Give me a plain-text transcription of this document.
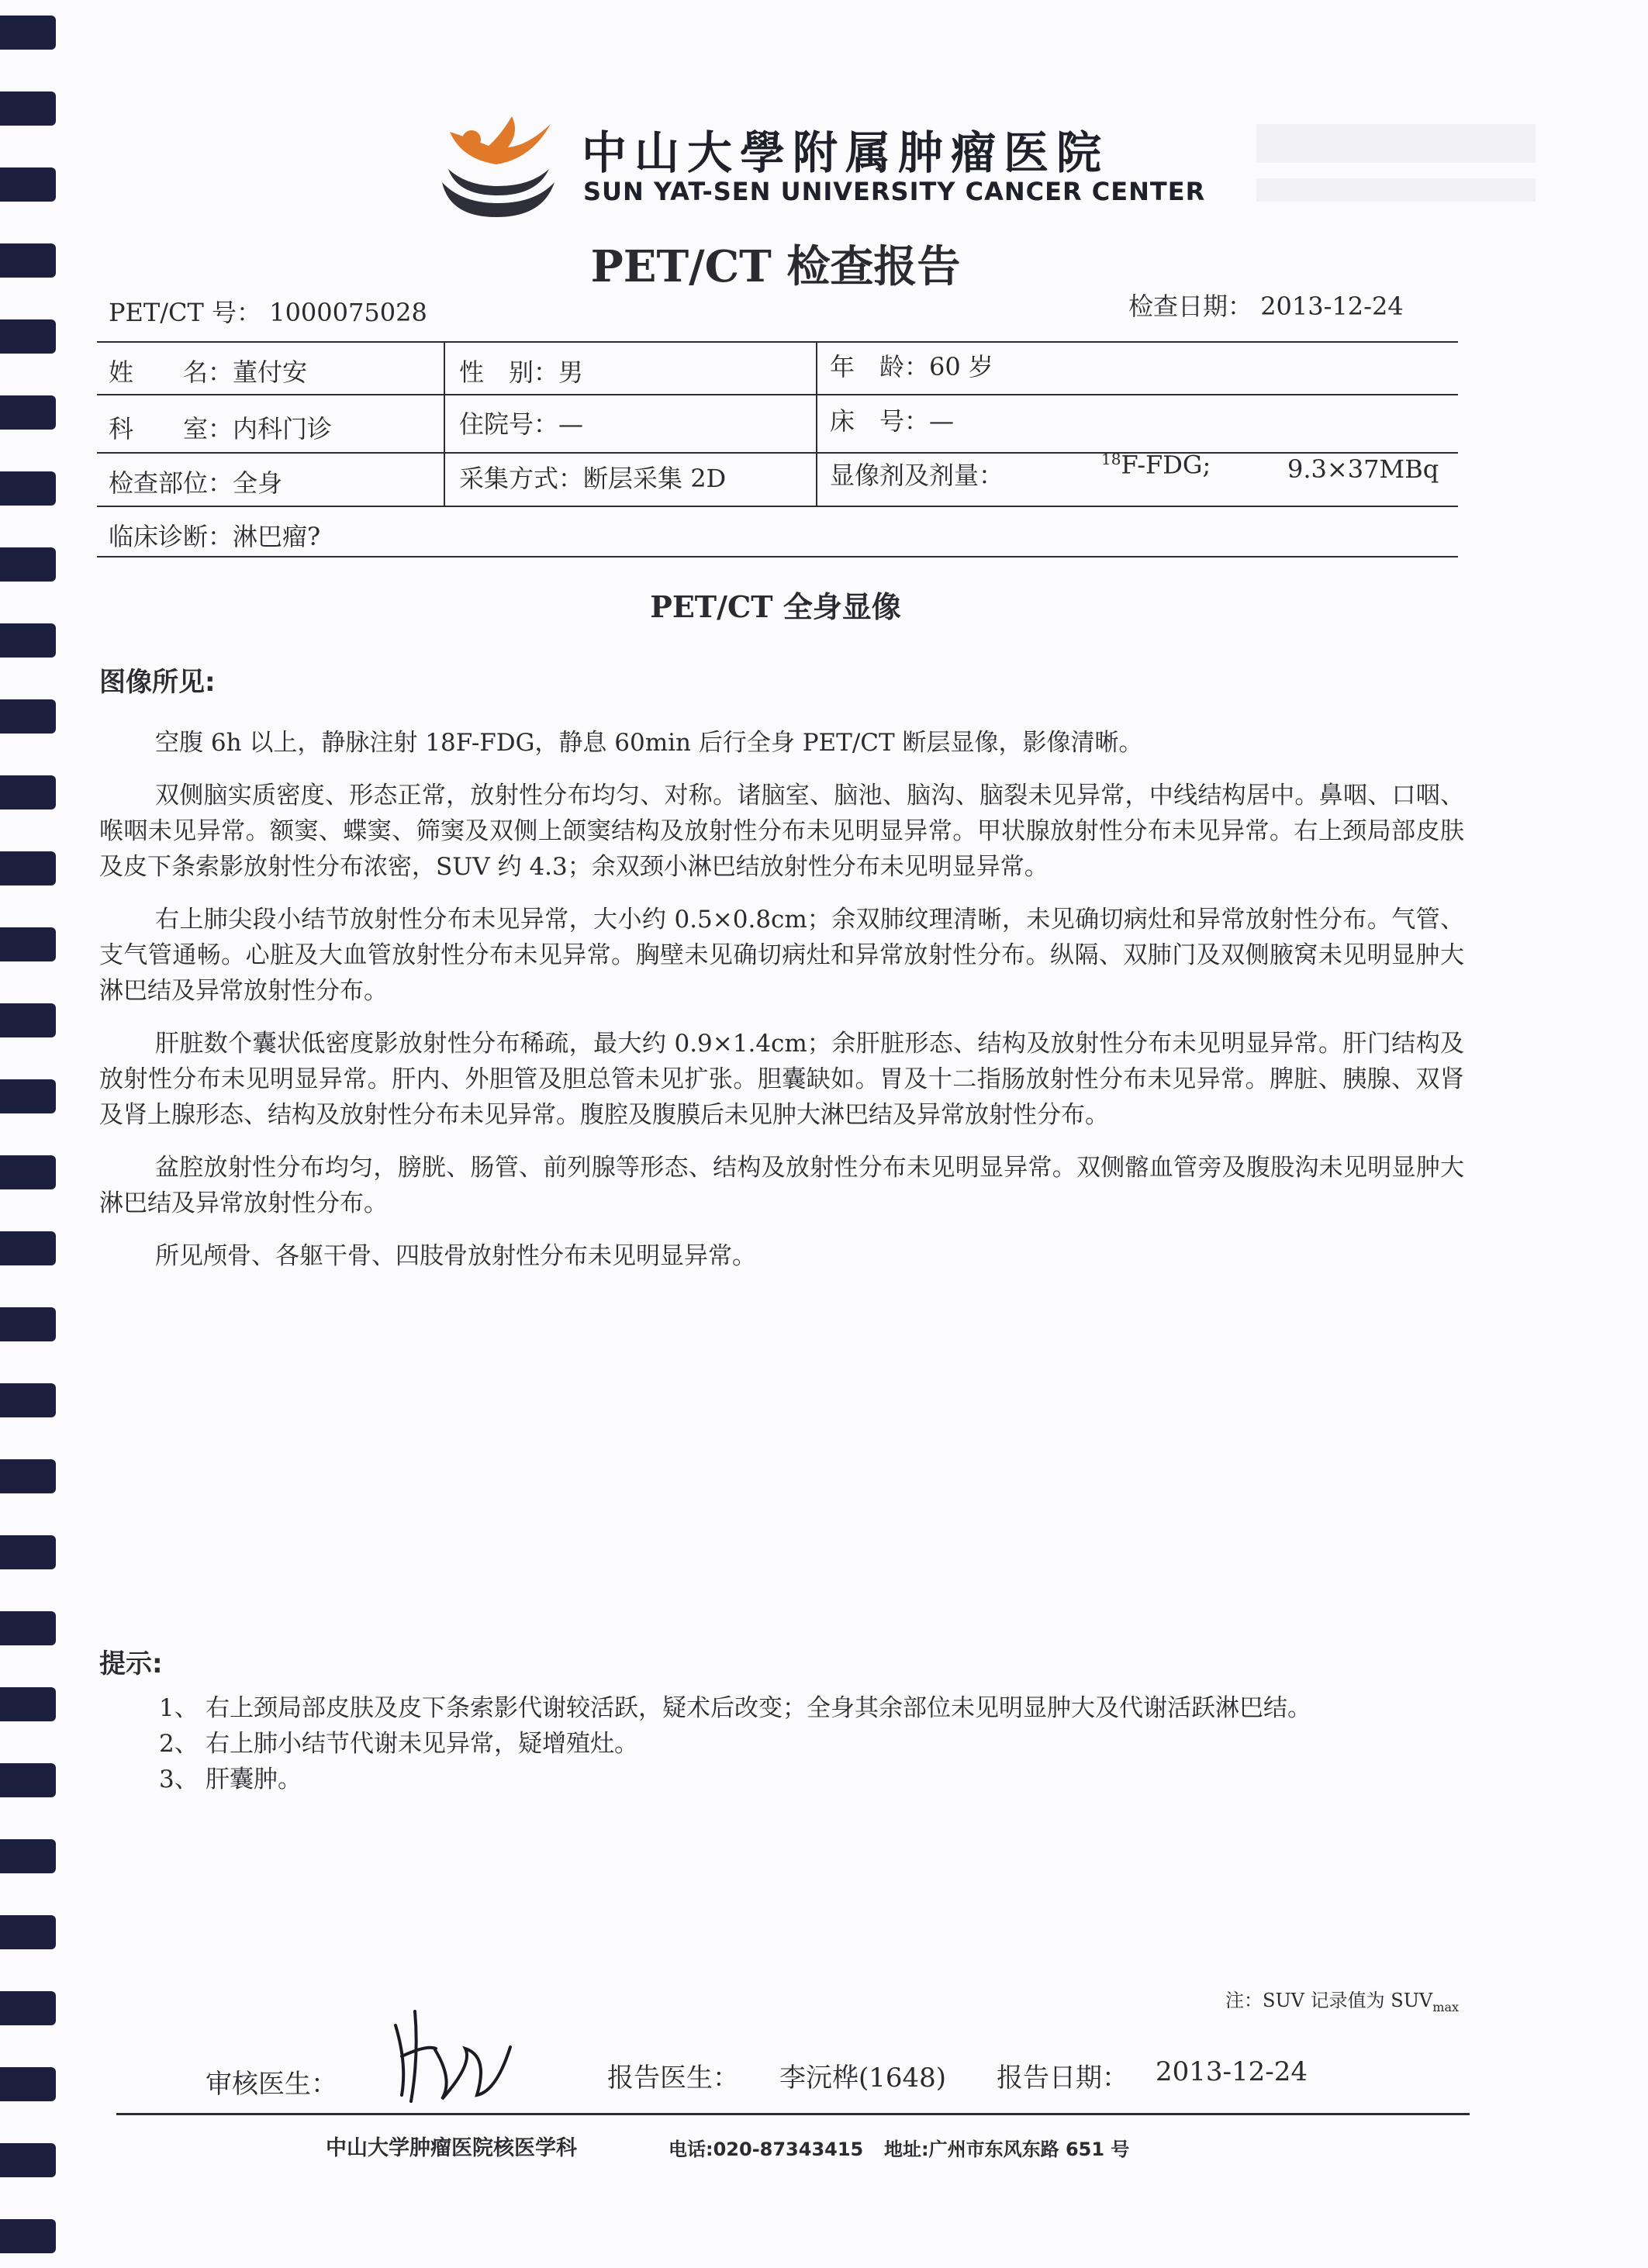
中山大學附属肿瘤医院
SUN YAT-SEN UNIVERSITY CANCER CENTER
PET/CT 检查报告
PET/CT 号： 1000075028	检查日期： 2013-12-24
姓　　名：董付安	性　别：男	年　龄：60 岁
科　　室：内科门诊	住院号：—	床　号：—
检查部位：全身	采集方式：断层采集 2D	显像剂及剂量：
$^{18}$F-FDG;	9.3×37MBq
临床诊断：淋巴瘤?
PET/CT 全身显像
图像所见:

空腹 6h 以上，静脉注射 18F-FDG，静息 60min 后行全身 PET/CT 断层显像，影像清晰。

双侧脑实质密度、形态正常，放射性分布均匀、对称。诸脑室、脑池、脑沟、脑裂未见异常，中线结构居中。鼻咽、口咽、喉咽未见异常。额窦、蝶窦、筛窦及双侧上颌窦结构及放射性分布未见明显异常。甲状腺放射性分布未见异常。右上颈局部皮肤及皮下条索影放射性分布浓密，SUV 约 4.3；余双颈小淋巴结放射性分布未见明显异常。

右上肺尖段小结节放射性分布未见异常，大小约 0.5×0.8cm；余双肺纹理清晰，未见确切病灶和异常放射性分布。气管、支气管通畅。心脏及大血管放射性分布未见异常。胸壁未见确切病灶和异常放射性分布。纵隔、双肺门及双侧腋窝未见明显肿大淋巴结及异常放射性分布。

肝脏数个囊状低密度影放射性分布稀疏，最大约 0.9×1.4cm；余肝脏形态、结构及放射性分布未见明显异常。肝门结构及放射性分布未见明显异常。肝内、外胆管及胆总管未见扩张。胆囊缺如。胃及十二指肠放射性分布未见异常。脾脏、胰腺、双肾及肾上腺形态、结构及放射性分布未见异常。腹腔及腹膜后未见肿大淋巴结及异常放射性分布。

盆腔放射性分布均匀，膀胱、肠管、前列腺等形态、结构及放射性分布未见明显异常。双侧髂血管旁及腹股沟未见明显肿大淋巴结及异常放射性分布。

所见颅骨、各躯干骨、四肢骨放射性分布未见明显异常。

提示:
1、 右上颈局部皮肤及皮下条索影代谢较活跃，疑术后改变；全身其余部位未见明显肿大及代谢活跃淋巴结。
2、 右上肺小结节代谢未见异常，疑增殖灶。
3、 肝囊肿。
注：SUV 记录值为 $SUV_{max}$
审核医生：	报告医生： 李沅桦(1648) 报告日期： 2013-12-24
中山大学肿瘤医院核医学科	电话:020-87343415 地址:广州市东风东路 651 号
